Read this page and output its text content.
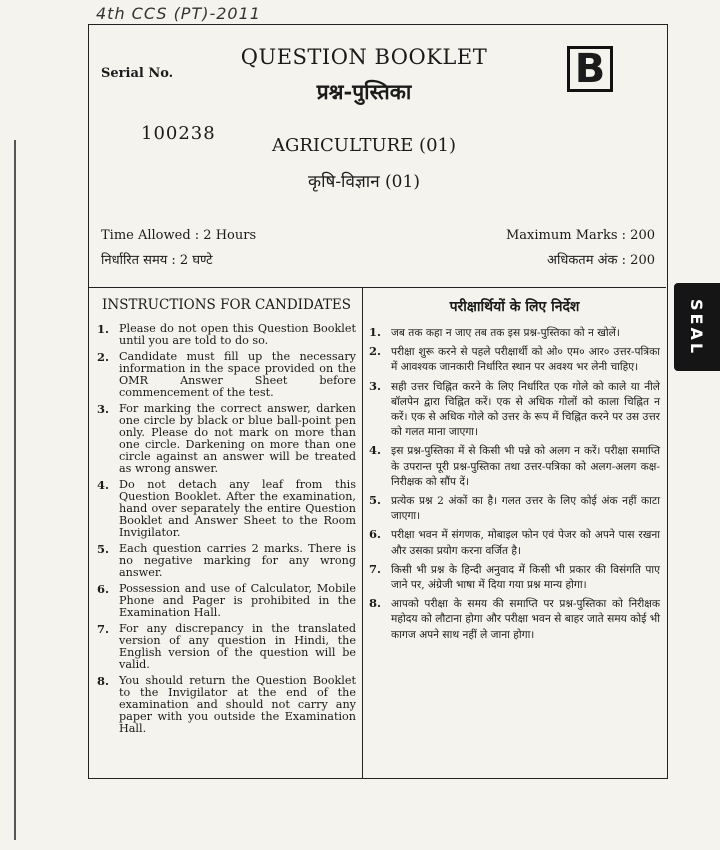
4th CCS (PT)-2011
Serial No.
QUESTION BOOKLET
प्रश्न-पुस्तिका	B
100238
AGRICULTURE (01)
कृषि-विज्ञान (01)
Time Allowed : 2 Hours
निर्धारित समय : 2 घण्टे
Maximum Marks : 200
अधिकतम अंक : 200
INSTRUCTIONS FOR CANDIDATES
1. Please do not open this Question Booklet until you are told to do so.
2. Candidate must fill up the necessary information in the space provided on the OMR Answer Sheet before commencement of the test.
3. For marking the correct answer, darken one circle by black or blue ball-point pen only. Please do not mark on more than one circle. Darkening on more than one circle against an answer will be treated as wrong answer.
4. Do not detach any leaf from this Question Booklet. After the examination, hand over separately the entire Question Booklet and Answer Sheet to the Room Invigilator.
5. Each question carries 2 marks. There is no negative marking for any wrong answer.
6. Possession and use of Calculator, Mobile Phone and Pager is prohibited in the Examination Hall.
7. For any discrepancy in the translated version of any question in Hindi, the English version of the question will be valid.
8. You should return the Question Booklet to the Invigilator at the end of the examination and should not carry any paper with you outside the Examination Hall.
परीक्षार्थियों के लिए निर्देश
1. जब तक कहा न जाए तब तक इस प्रश्न-पुस्तिका को न खोलें।
2. परीक्षा शुरू करने से पहले परीक्षार्थी को ओ० एम० आर० उत्तर-पत्रिका में आवश्यक जानकारी निर्धारित स्थान पर अवश्य भर लेनी चाहिए।
3. सही उत्तर चिह्नित करने के लिए निर्धारित एक गोले को काले या नीले बॉलपेन द्वारा चिह्नित करें। एक से अधिक गोलों को काला चिह्नित न करें। एक से अधिक गोले को उत्तर के रूप में चिह्नित करने पर उस उत्तर को गलत माना जाएगा।
4. इस प्रश्न-पुस्तिका में से किसी भी पन्ने को अलग न करें। परीक्षा समाप्ति के उपरान्त पूरी प्रश्न-पुस्तिका तथा उत्तर-पत्रिका को अलग-अलग कक्ष-निरीक्षक को सौंप दें।
5. प्रत्येक प्रश्न 2 अंकों का है। गलत उत्तर के लिए कोई अंक नहीं काटा जाएगा।
6. परीक्षा भवन में संगणक, मोबाइल फोन एवं पेजर को अपने पास रखना और उसका प्रयोग करना वर्जित है।
7. किसी भी प्रश्न के हिन्दी अनुवाद में किसी भी प्रकार की विसंगति पाए जाने पर, अंग्रेजी भाषा में दिया गया प्रश्न मान्य होगा।
8. आपको परीक्षा के समय की समाप्ति पर प्रश्न-पुस्तिका को निरीक्षक महोदय को लौटाना होगा और परीक्षा भवन से बाहर जाते समय कोई भी कागज अपने साथ नहीं ले जाना होगा।
SEAL
